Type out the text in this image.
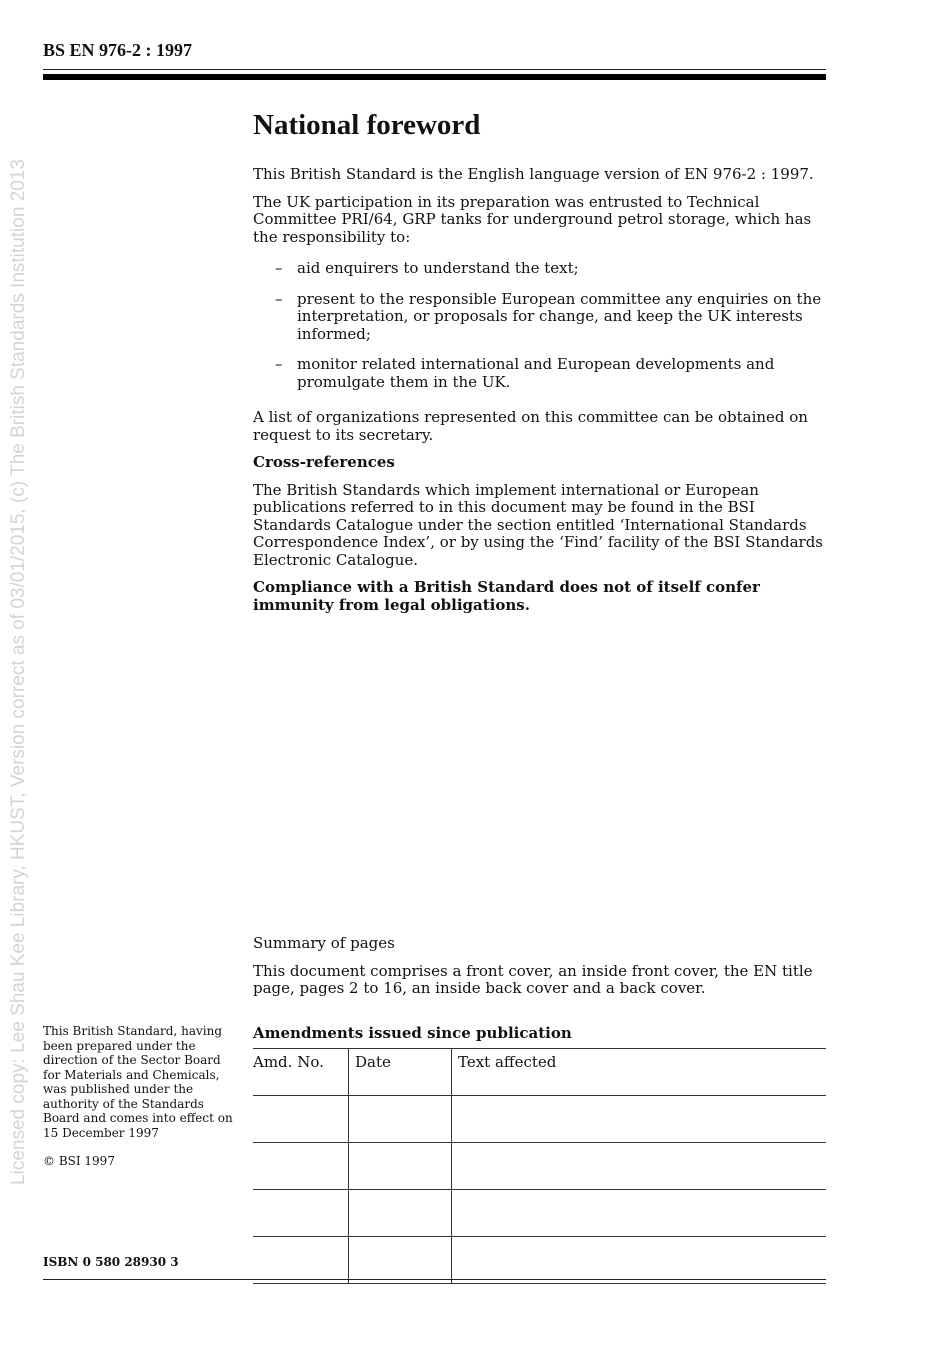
BS EN 976-2 : 1997
Licensed copy: Lee Shau Kee Library, HKUST, Version correct as of 03/01/2015, (c) The British Standards Institution 2013
National foreword

This British Standard is the English language version of EN 976-2 : 1997.

The UK participation in its preparation was entrusted to Technical Committee PRI/64, GRP tanks for underground petrol storage, which has the responsibility to:

– aid enquirers to understand the text;
– present to the responsible European committee any enquiries on the interpretation, or proposals for change, and keep the UK interests informed;
– monitor related international and European developments and promulgate them in the UK.

A list of organizations represented on this committee can be obtained on request to its secretary.

Cross-references

The British Standards which implement international or European publications referred to in this document may be found in the BSI Standards Catalogue under the section entitled ‘International Standards Correspondence Index’, or by using the ‘Find’ facility of the BSI Standards Electronic Catalogue.

Compliance with a British Standard does not of itself confer immunity from legal obligations.

Summary of pages

This document comprises a front cover, an inside front cover, the EN title page, pages 2 to 16, an inside back cover and a back cover.

Amendments issued since publication
Amd. No.	Date	Text affected

This British Standard, having been prepared under the direction of the Sector Board for Materials and Chemicals, was published under the authority of the Standards Board and comes into effect on 15 December 1997
© BSI 1997
ISBN 0 580 28930 3
